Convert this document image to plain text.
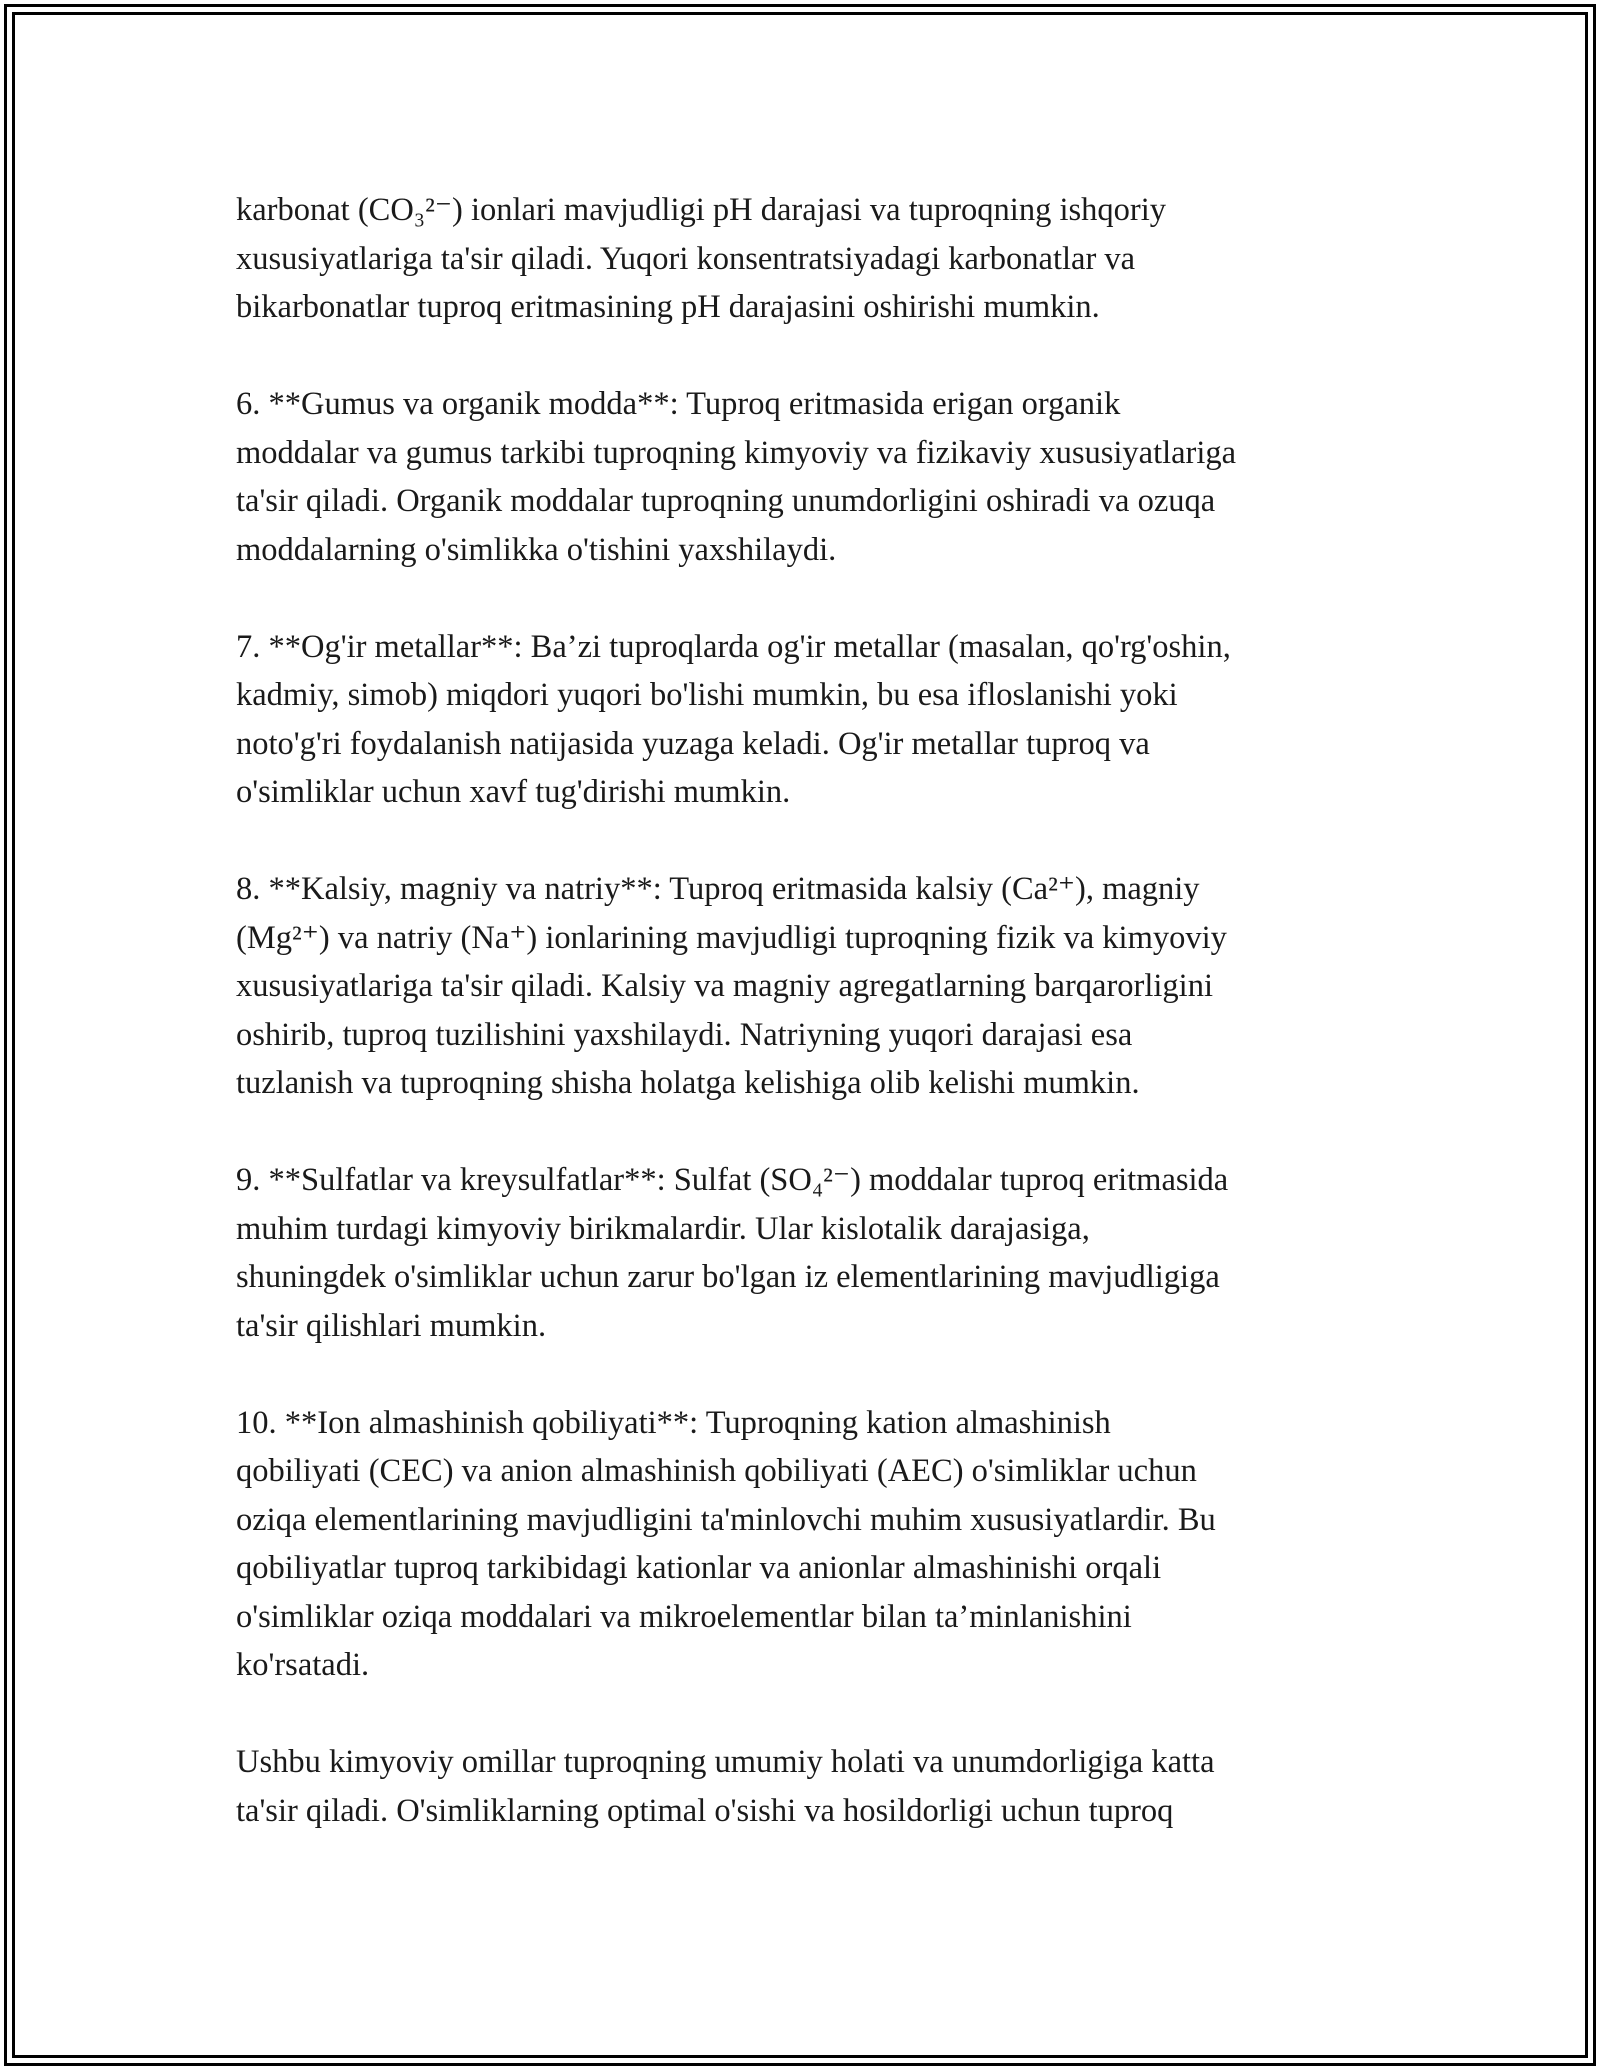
karbonat (CO₃²⁻) ionlari mavjudligi pH darajasi va tuproqning ishqoriy
xususiyatlariga ta'sir qiladi. Yuqori konsentratsiyadagi karbonatlar va
bikarbonatlar tuproq eritmasining pH darajasini oshirishi mumkin.

6. **Gumus va organik modda**: Tuproq eritmasida erigan organik
moddalar va gumus tarkibi tuproqning kimyoviy va fizikaviy xususiyatlariga
ta'sir qiladi. Organik moddalar tuproqning unumdorligini oshiradi va ozuqa
moddalarning o'simlikka o'tishini yaxshilaydi.

7. **Og'ir metallar**: Ba’zi tuproqlarda og'ir metallar (masalan, qo'rg'oshin,
kadmiy, simob) miqdori yuqori bo'lishi mumkin, bu esa ifloslanishi yoki
noto'g'ri foydalanish natijasida yuzaga keladi. Og'ir metallar tuproq va
o'simliklar uchun xavf tug'dirishi mumkin.

8. **Kalsiy, magniy va natriy**: Tuproq eritmasida kalsiy (Ca²⁺), magniy
(Mg²⁺) va natriy (Na⁺) ionlarining mavjudligi tuproqning fizik va kimyoviy
xususiyatlariga ta'sir qiladi. Kalsiy va magniy agregatlarning barqarorligini
oshirib, tuproq tuzilishini yaxshilaydi. Natriyning yuqori darajasi esa
tuzlanish va tuproqning shisha holatga kelishiga olib kelishi mumkin.

9. **Sulfatlar va kreysulfatlar**: Sulfat (SO₄²⁻) moddalar tuproq eritmasida
muhim turdagi kimyoviy birikmalardir. Ular kislotalik darajasiga,
shuningdek o'simliklar uchun zarur bo'lgan iz elementlarining mavjudligiga
ta'sir qilishlari mumkin.

10. **Ion almashinish qobiliyati**: Tuproqning kation almashinish
qobiliyati (CEC) va anion almashinish qobiliyati (AEC) o'simliklar uchun
oziqa elementlarining mavjudligini ta'minlovchi muhim xususiyatlardir. Bu
qobiliyatlar tuproq tarkibidagi kationlar va anionlar almashinishi orqali
o'simliklar oziqa moddalari va mikroelementlar bilan ta’minlanishini
ko'rsatadi.

Ushbu kimyoviy omillar tuproqning umumiy holati va unumdorligiga katta
ta'sir qiladi. O'simliklarning optimal o'sishi va hosildorligi uchun tuproq
